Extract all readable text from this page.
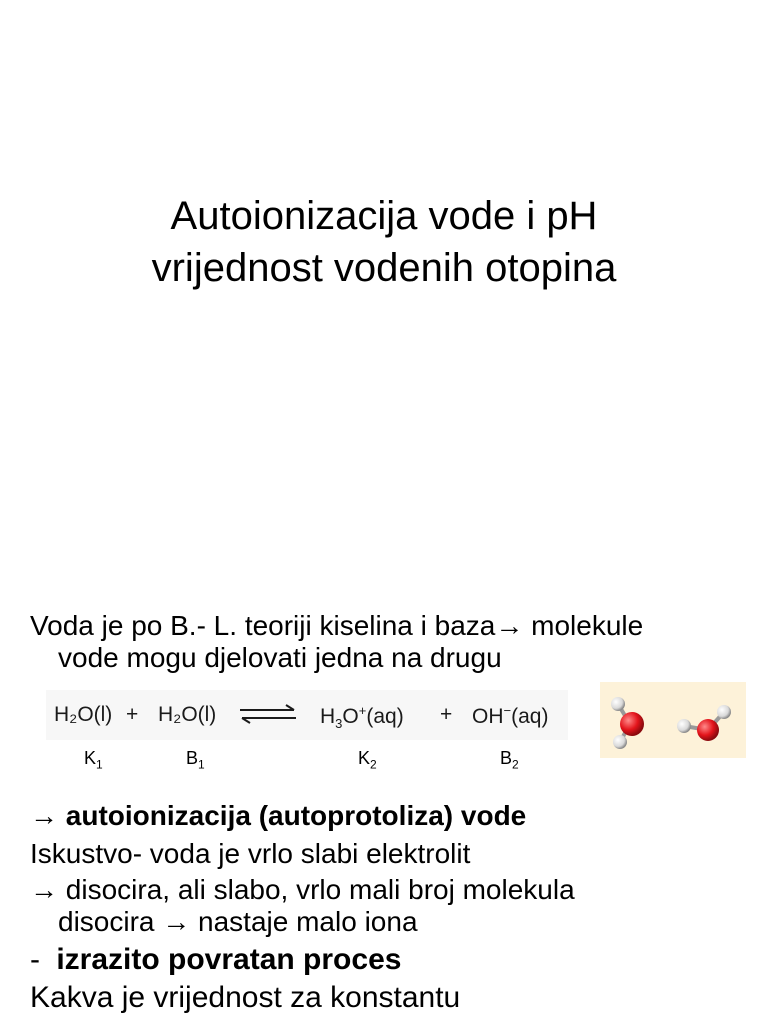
Autoionizacija vode i pH
vrijednost vodenih otopina
Voda je po B.- L. teoriji kiselina i baza→ molekule
vode mogu djelovati jedna na drugu
H₂O(l) + H₂O(l) ⇌ $H_3O^+(aq) + OH^-(aq)$
$K_1$	$B_1$	$K_2$	$B_2$
→ autoionizacija (autoprotoliza) vode
Iskustvo- voda je vrlo slabi elektrolit
→ disocira, ali slabo, vrlo mali broj molekula
disocira → nastaje malo iona
- izrazito povratan proces
Kakva je vrijednost za konstantu
